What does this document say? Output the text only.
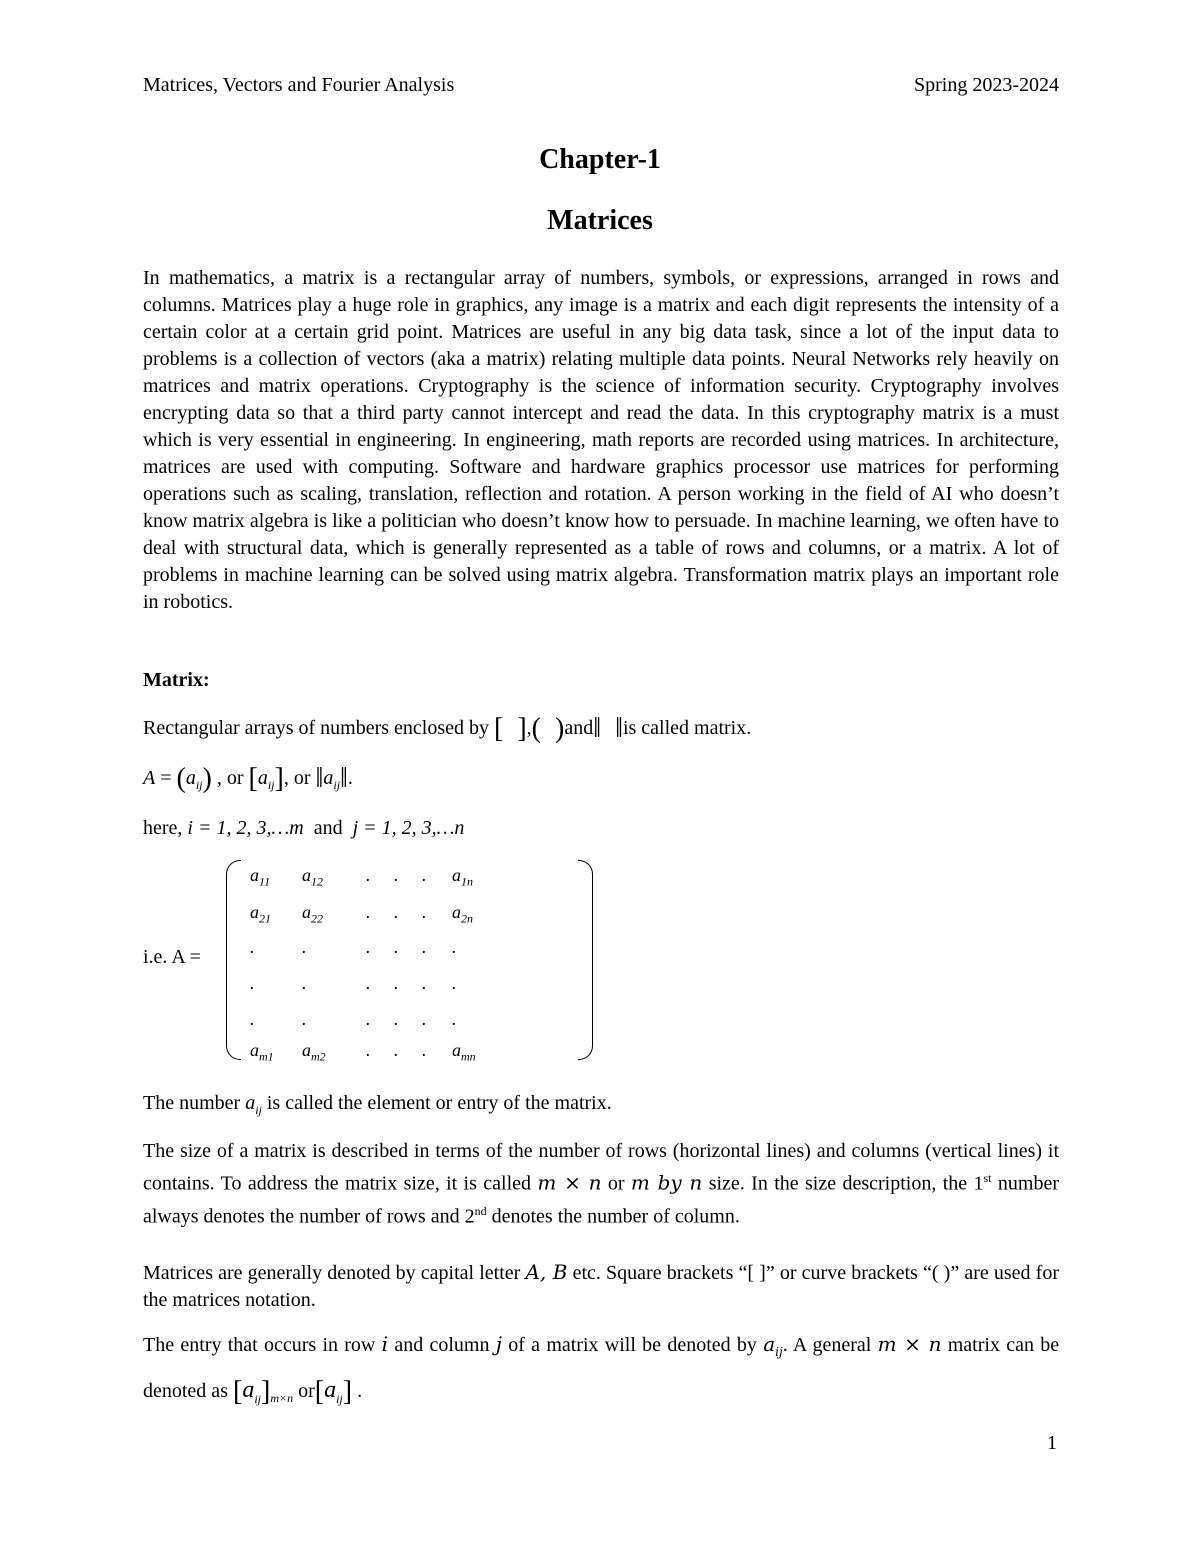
Matrices, Vectors and Fourier Analysis	Spring 2023-2024
Chapter-1
Matrices

In mathematics, a matrix is a rectangular array of numbers, symbols, or expressions, arranged in rows and columns. Matrices play a huge role in graphics, any image is a matrix and each digit represents the intensity of a certain color at a certain grid point. Matrices are useful in any big data task, since a lot of the input data to problems is a collection of vectors (aka a matrix) relating multiple data points. Neural Networks rely heavily on matrices and matrix operations. Cryptography is the science of information security. Cryptography involves encrypting data so that a third party cannot intercept and read the data. In this cryptography matrix is a must which is very essential in engineering. In engineering, math reports are recorded using matrices. In architecture, matrices are used with computing. Software and hardware graphics processor use matrices for performing operations such as scaling, translation, reflection and rotation. A person working in the field of AI who doesn’t know matrix algebra is like a politician who doesn’t know how to persuade. In machine learning, we often have to deal with structural data, which is generally represented as a table of rows and columns, or a matrix. A lot of problems in machine learning can be solved using matrix algebra. Transformation matrix plays an important role in robotics.

Matrix:
Rectangular arrays of numbers enclosed by [  ],(  )and‖  ‖is called matrix.
$A = (a_{ij})$ , or $[a_{ij}]$, or $‖a_{ij}‖$.
here, i = 1, 2, 3,…m and j = 1, 2, 3,…n
i.e. A =
$a_{11}$ $a_{12}$ . . . $a_{1n}$
$a_{21}$ $a_{22}$ . . . $a_{2n}$
.	.	. . . .
.	.	. . . .
.	.	. . . .
$a_{m1}$ $a_{m2}$ . . . $a_{mn}$
The number $a_{ij}$ is called the element or entry of the matrix.

The size of a matrix is described in terms of the number of rows (horizontal lines) and columns (vertical lines) it contains. To address the matrix size, it is called m × n or m by n size. In the size description, the 1st number always denotes the number of rows and 2nd denotes the number of column.

Matrices are generally denoted by capital letter A, B etc. Square brackets “[ ]” or curve brackets “( )” are used for the matrices notation.

The entry that occurs in row i and column j of a matrix will be denoted by $a_{ij}$. A general m × n matrix can be denoted as $[a_{ij}]_{m\times n}$ $or[a_{ij}]$ .

1
